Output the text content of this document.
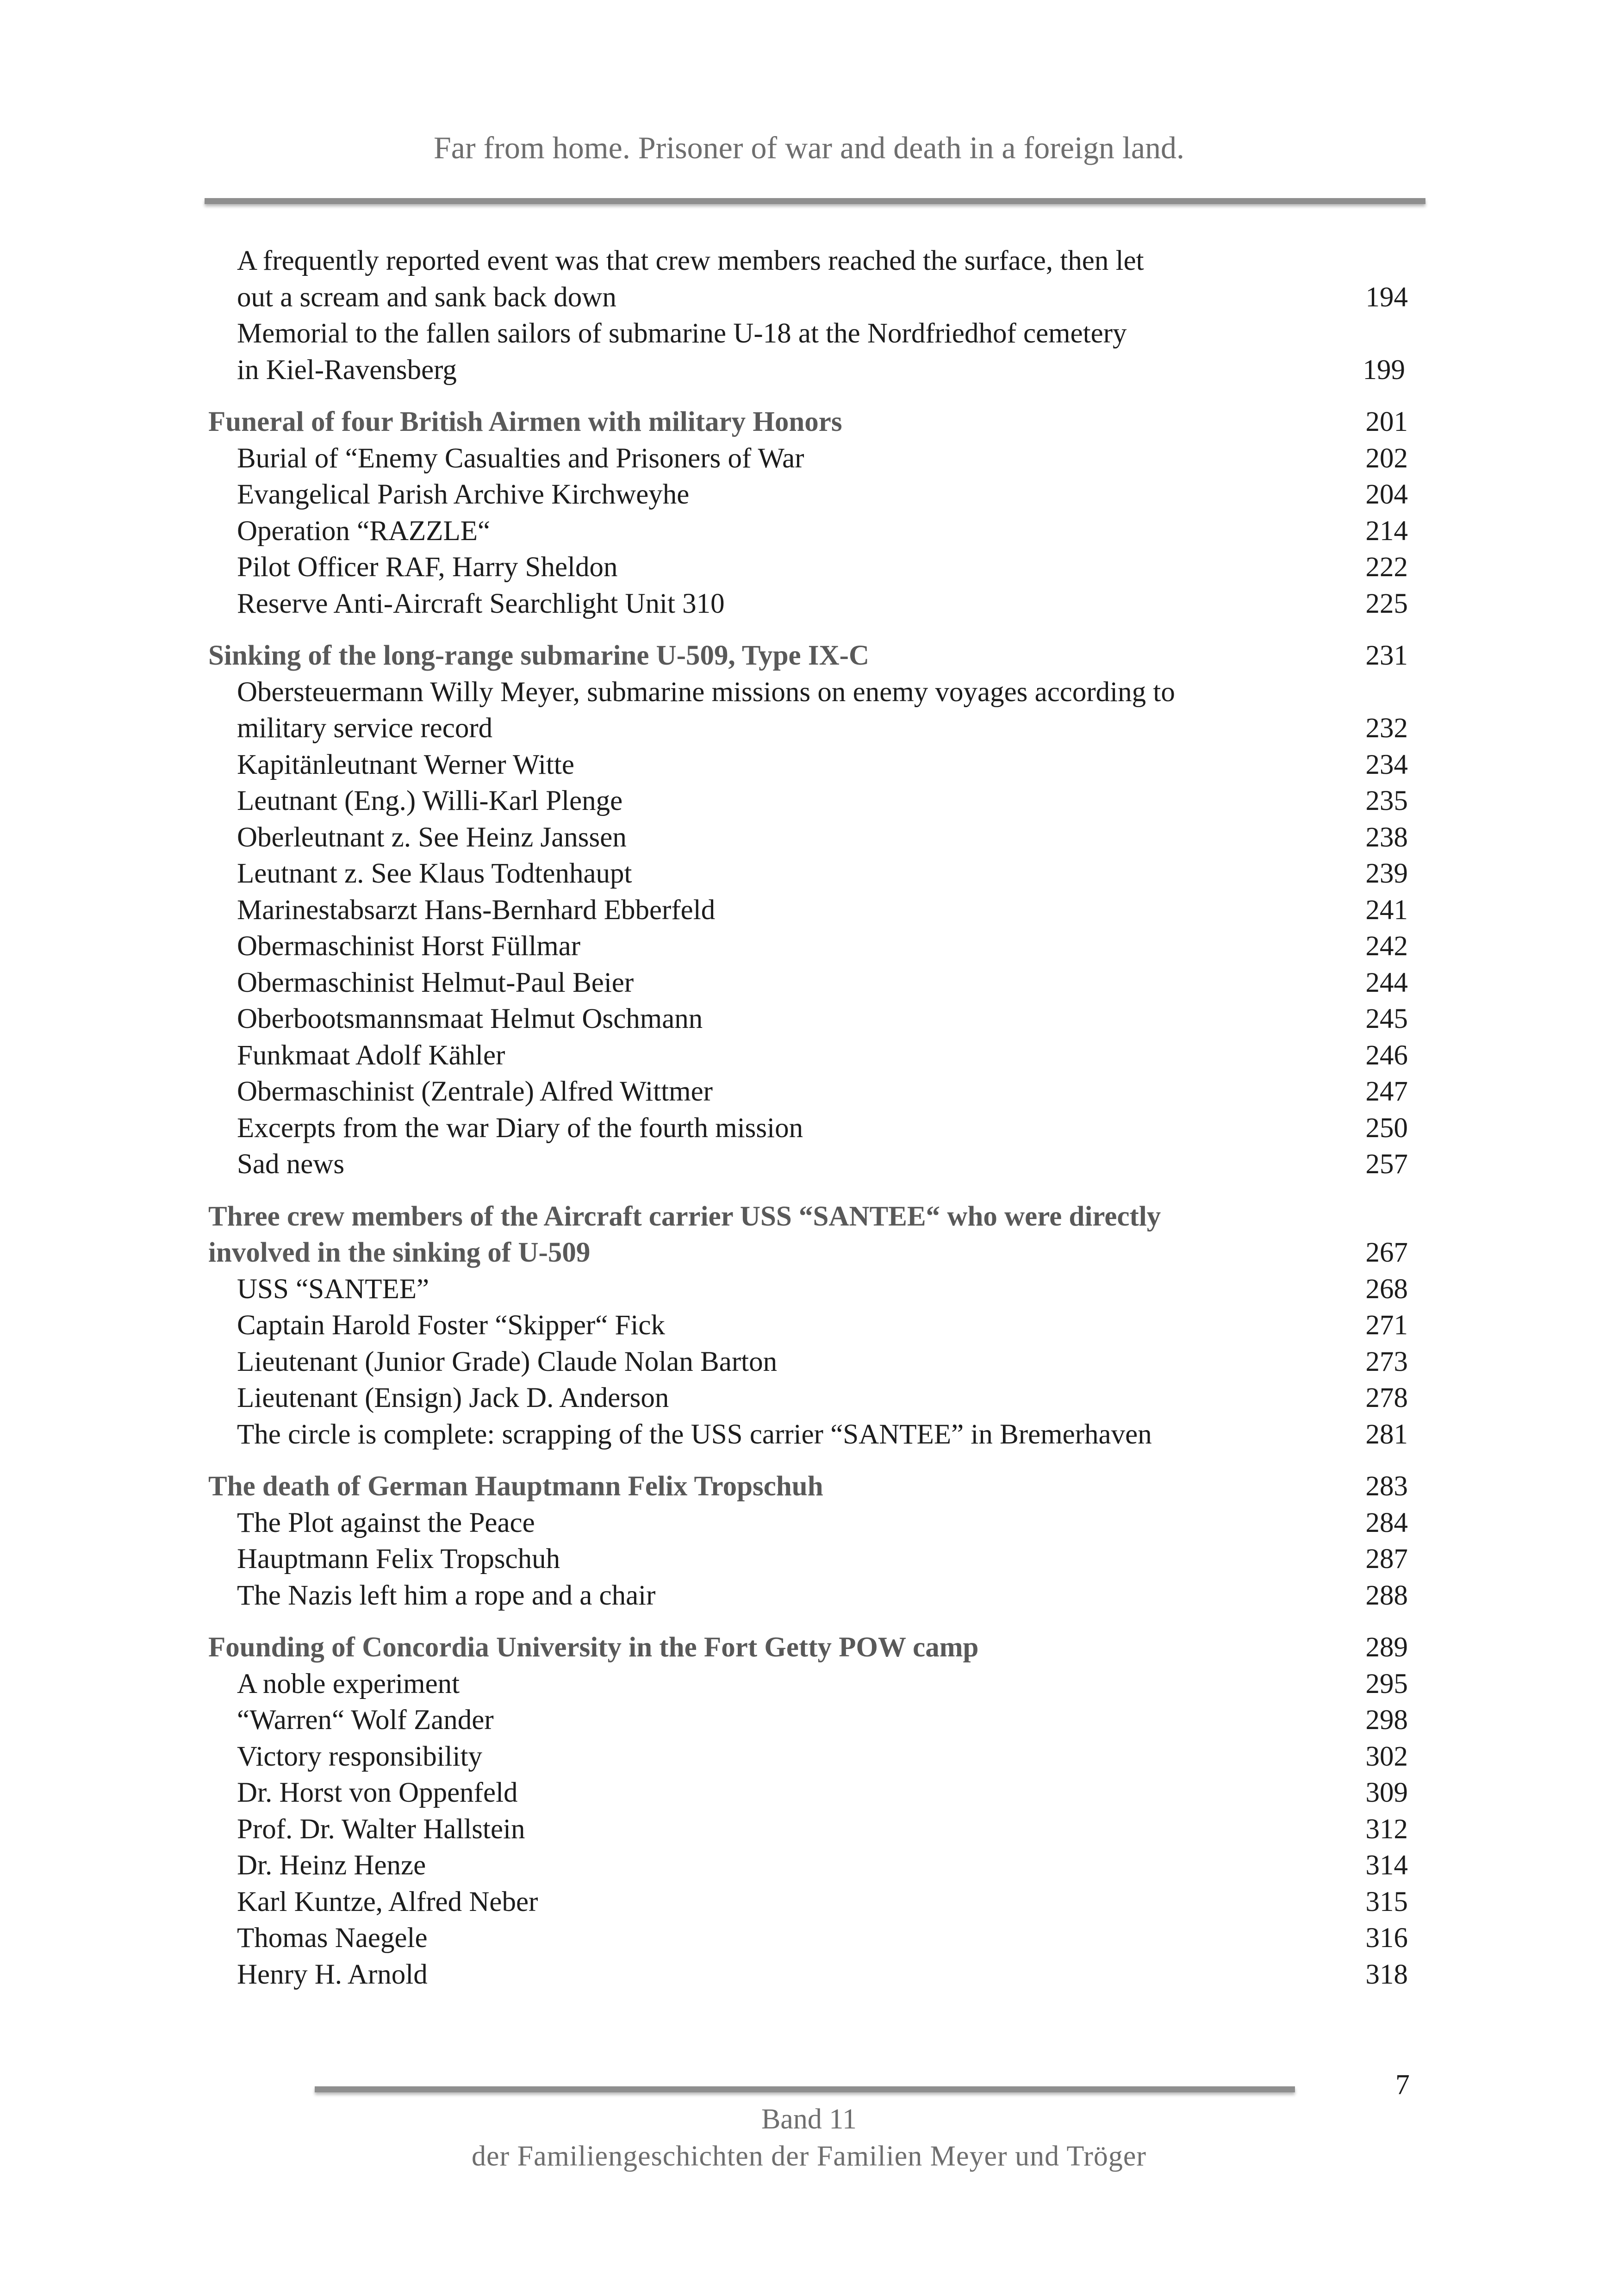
Far from home. Prisoner of war and death in a foreign land.
A frequently reported event was that crew members reached the surface, then let
out a scream and sank back down	194
Memorial to the fallen sailors of submarine U-18 at the Nordfriedhof cemetery
in Kiel-Ravensberg	199
Funeral of four British Airmen with military Honors	201
Burial of “Enemy Casualties and Prisoners of War	202
Evangelical Parish Archive Kirchweyhe	204
Operation “RAZZLE“	214
Pilot Officer RAF, Harry Sheldon	222
Reserve Anti-Aircraft Searchlight Unit 310	225
Sinking of the long-range submarine U-509, Type IX-C	231
Obersteuermann Willy Meyer, submarine missions on enemy voyages according to
military service record	232
Kapitänleutnant Werner Witte	234
Leutnant (Eng.) Willi-Karl Plenge	235
Oberleutnant z. See Heinz Janssen	238
Leutnant z. See Klaus Todtenhaupt	239
Marinestabsarzt Hans-Bernhard Ebberfeld	241
Obermaschinist Horst Füllmar	242
Obermaschinist Helmut-Paul Beier	244
Oberbootsmannsmaat Helmut Oschmann	245
Funkmaat Adolf Kähler	246
Obermaschinist (Zentrale) Alfred Wittmer	247
Excerpts from the war Diary of the fourth mission	250
Sad news	257
Three crew members of the Aircraft carrier USS “SANTEE“ who were directly
involved in the sinking of U-509	267
USS “SANTEE”	268
Captain Harold Foster “Skipper“ Fick	271
Lieutenant (Junior Grade) Claude Nolan Barton	273
Lieutenant (Ensign) Jack D. Anderson	278
The circle is complete: scrapping of the USS carrier “SANTEE” in Bremerhaven	281
The death of German Hauptmann Felix Tropschuh	283
The Plot against the Peace	284
Hauptmann Felix Tropschuh	287
The Nazis left him a rope and a chair	288
Founding of Concordia University in the Fort Getty POW camp	289
A noble experiment	295
“Warren“ Wolf Zander	298
Victory responsibility	302
Dr. Horst von Oppenfeld	309
Prof. Dr. Walter Hallstein	312
Dr. Heinz Henze	314
Karl Kuntze, Alfred Neber	315
Thomas Naegele	316
Henry H. Arnold	318
7
Band 11
der Familiengeschichten der Familien Meyer und Tröger
